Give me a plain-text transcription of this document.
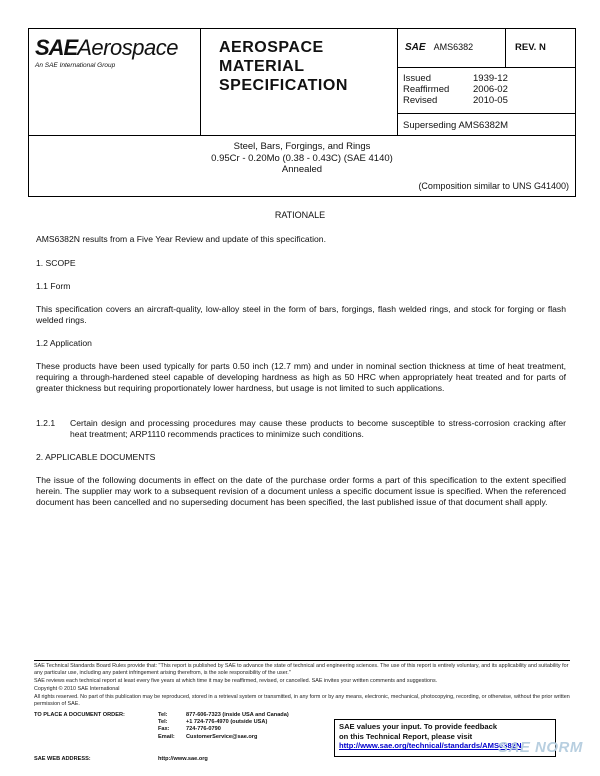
SAEAerospace
An SAE International Group
AEROSPACE
MATERIAL
SPECIFICATION
SAE AMS6382	REV. N
Issued	1939-12
Reaffirmed 2006-02
Revised	2010-05
Superseding AMS6382M
Steel, Bars, Forgings, and Rings
0.95Cr - 0.20Mo (0.38 - 0.43C) (SAE 4140)
Annealed
(Composition similar to UNS G41400)
RATIONALE
AMS6382N results from a Five Year Review and update of this specification.
1. SCOPE
1.1 Form
This specification covers an aircraft-quality, low-alloy steel in the form of bars, forgings, flash welded rings, and stock for forging or flash welded rings.
1.2 Application
These products have been used typically for parts 0.50 inch (12.7 mm) and under in nominal section thickness at time of heat treatment, requiring a through-hardened steel capable of developing hardness as high as 50 HRC when appropriately heat treated and for parts of greater thickness but requiring proportionately lower hardness, but usage is not limited to such applications.
1.2.1 Certain design and processing procedures may cause these products to become susceptible to stress-corrosion cracking after heat treatment; ARP1110 recommends practices to minimize such conditions.
2. APPLICABLE DOCUMENTS
The issue of the following documents in effect on the date of the purchase order forms a part of this specification to the extent specified herein. The supplier may work to a subsequent revision of a document unless a specific document issue is specified. When the referenced document has been cancelled and no superseding document has been specified, the last published issue of that document shall apply.
SAE Technical Standards Board Rules provide that: "This report is published by SAE to advance the state of technical and engineering sciences. The use of this report is entirely voluntary, and its applicability and suitability for any particular use, including any patent infringement arising therefrom, is the sole responsibility of the user."
SAE reviews each technical report at least every five years at which time it may be reaffirmed, revised, or cancelled. SAE invites your written comments and suggestions.
Copyright © 2010 SAE International
All rights reserved. No part of this publication may be reproduced, stored in a retrieval system or transmitted, in any form or by any means, electronic, mechanical, photocopying, recording, or otherwise, without the prior written permission of SAE.
TO PLACE A DOCUMENT ORDER:	Tel:	877-606-7323 (inside USA and Canada)
Tel:	+1 724-776-4970 (outside USA)
Fax:	724-776-0790
Email: CustomerService@sae.org
SAE WEB ADDRESS:	http://www.sae.org
SAE values your input. To provide feedback
on this Technical Report, please visit
http://www.sae.org/technical/standards/AMS6382N
SAE NORM
